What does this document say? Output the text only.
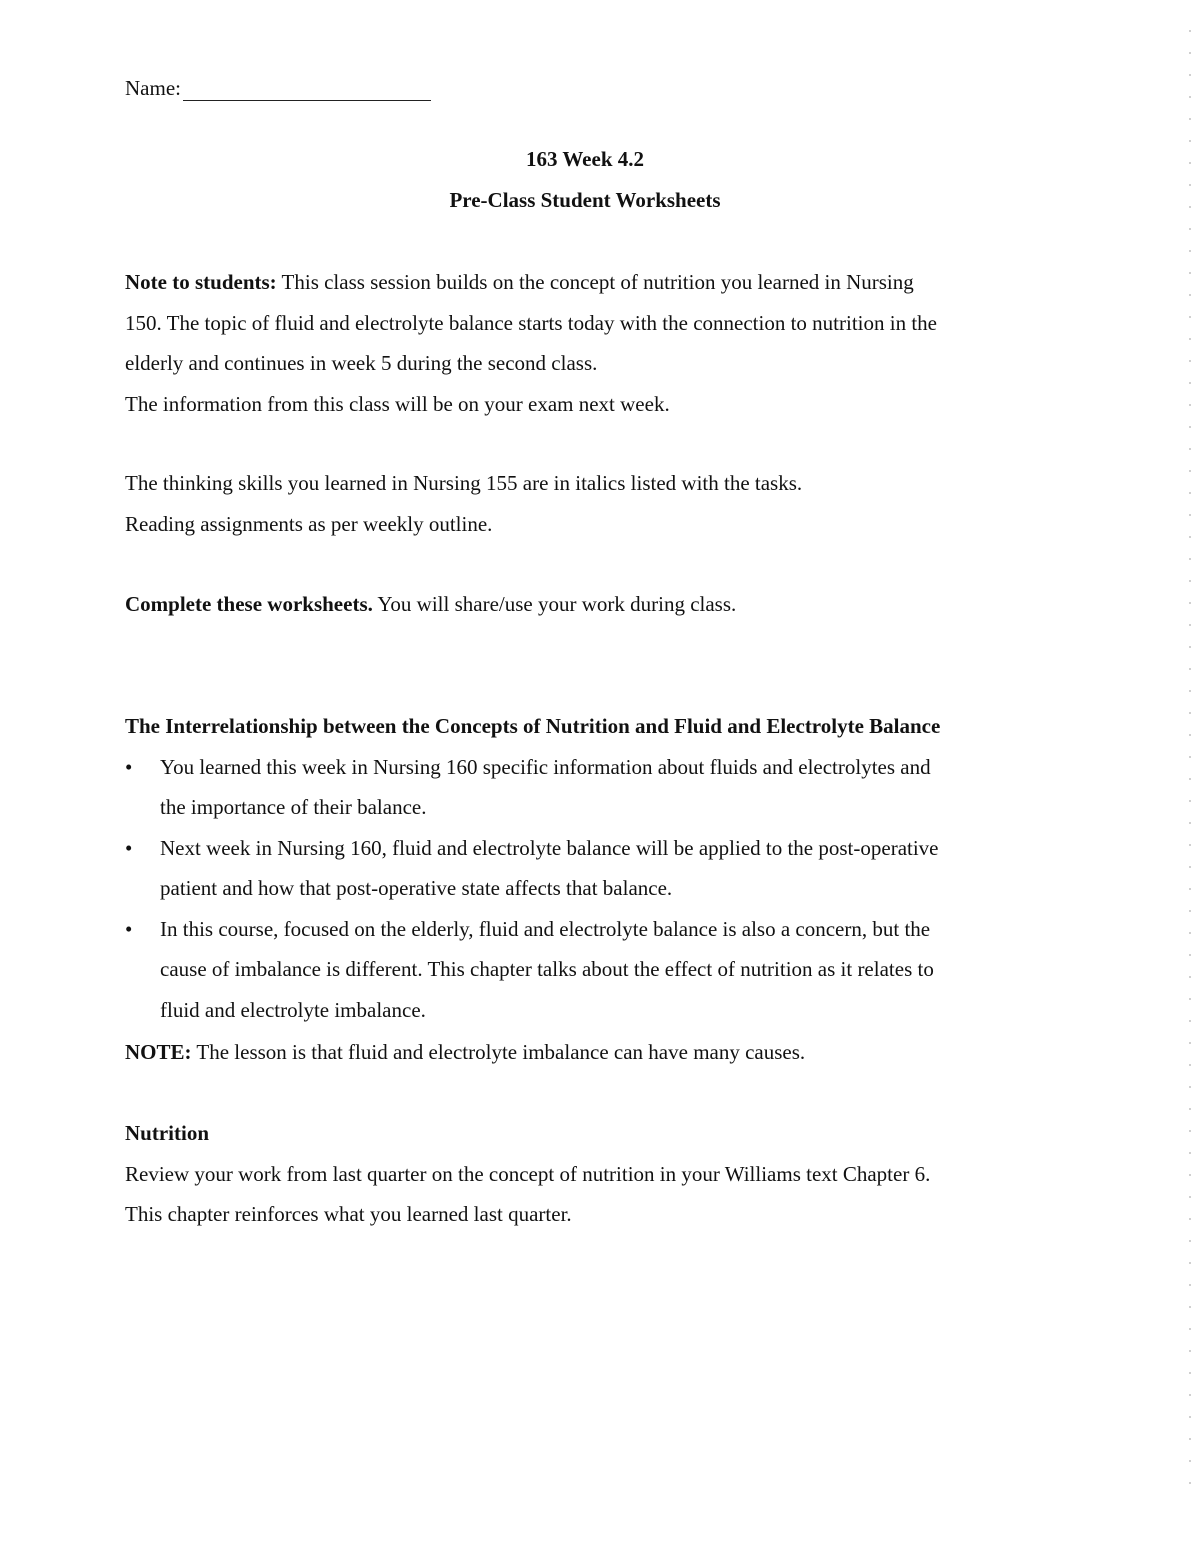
Name:
163 Week 4.2
Pre-Class Student Worksheets
Note to students: This class session builds on the concept of nutrition you learned in Nursing
150. The topic of fluid and electrolyte balance starts today with the connection to nutrition in the
elderly and continues in week 5 during the second class.
The information from this class will be on your exam next week.
The thinking skills you learned in Nursing 155 are in italics listed with the tasks.
Reading assignments as per weekly outline.
Complete these worksheets. You will share/use your work during class.
The Interrelationship between the Concepts of Nutrition and Fluid and Electrolyte Balance
• You learned this week in Nursing 160 specific information about fluids and electrolytes and
the importance of their balance.
• Next week in Nursing 160, fluid and electrolyte balance will be applied to the post-operative
patient and how that post-operative state affects that balance.
• In this course, focused on the elderly, fluid and electrolyte balance is also a concern, but the
cause of imbalance is different. This chapter talks about the effect of nutrition as it relates to
fluid and electrolyte imbalance.
NOTE: The lesson is that fluid and electrolyte imbalance can have many causes.
Nutrition
Review your work from last quarter on the concept of nutrition in your Williams text Chapter 6.
This chapter reinforces what you learned last quarter.
